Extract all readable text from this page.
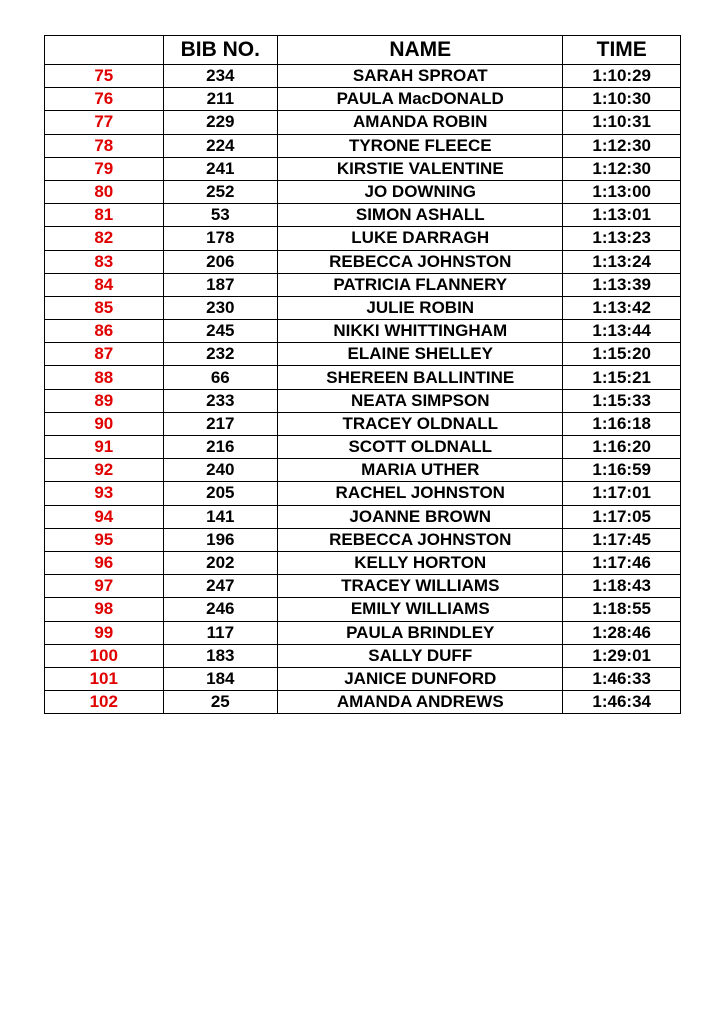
	BIB NO.	NAME	TIME
75	234	SARAH SPROAT	1:10:29
76	211	PAULA MacDONALD	1:10:30
77	229	AMANDA ROBIN	1:10:31
78	224	TYRONE FLEECE	1:12:30
79	241	KIRSTIE VALENTINE	1:12:30
80	252	JO DOWNING	1:13:00
81	53	SIMON ASHALL	1:13:01
82	178	LUKE DARRAGH	1:13:23
83	206	REBECCA JOHNSTON	1:13:24
84	187	PATRICIA FLANNERY	1:13:39
85	230	JULIE ROBIN	1:13:42
86	245	NIKKI WHITTINGHAM	1:13:44
87	232	ELAINE SHELLEY	1:15:20
88	66	SHEREEN BALLINTINE	1:15:21
89	233	NEATA SIMPSON	1:15:33
90	217	TRACEY OLDNALL	1:16:18
91	216	SCOTT OLDNALL	1:16:20
92	240	MARIA UTHER	1:16:59
93	205	RACHEL JOHNSTON	1:17:01
94	141	JOANNE BROWN	1:17:05
95	196	REBECCA JOHNSTON	1:17:45
96	202	KELLY HORTON	1:17:46
97	247	TRACEY WILLIAMS	1:18:43
98	246	EMILY WILLIAMS	1:18:55
99	117	PAULA BRINDLEY	1:28:46
100	183	SALLY DUFF	1:29:01
101	184	JANICE DUNFORD	1:46:33
102	25	AMANDA ANDREWS	1:46:34
